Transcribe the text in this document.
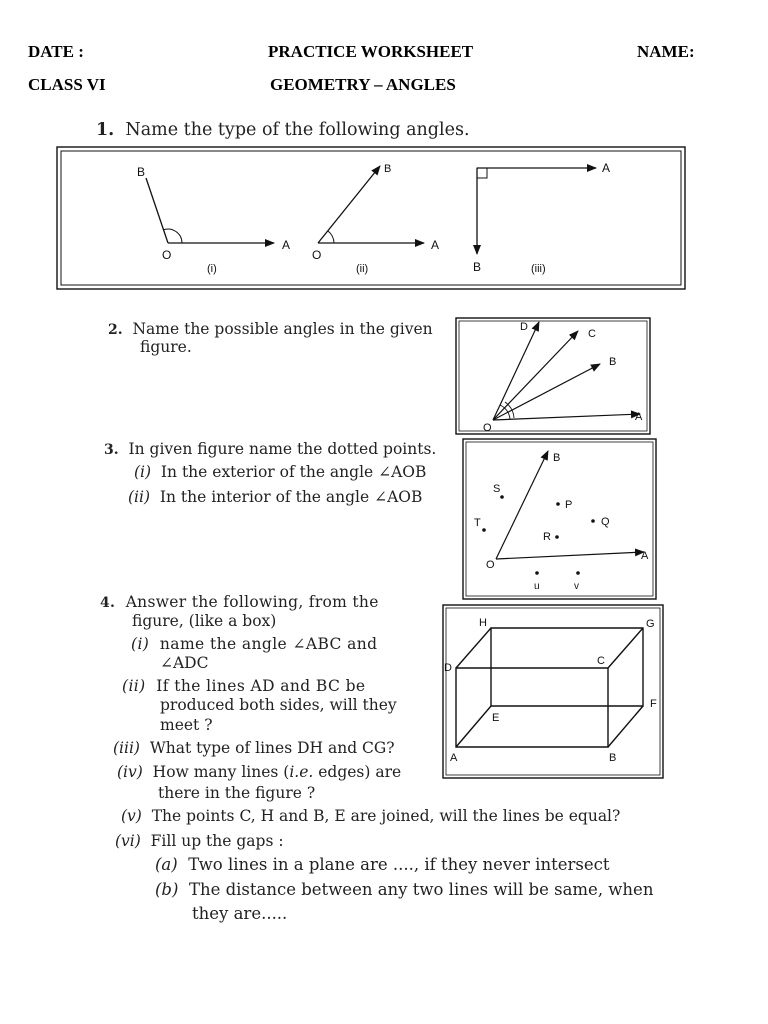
DATE :	PRACTICE WORKSHEET	NAME:
CLASS VI	GEOMETRY – ANGLES
1. Name the type of the following angles.
2. Name the possible angles in the given
figure.
3. In given figure name the dotted points.
(i) In the exterior of the angle ∠AOB
(ii) In the interior of the angle ∠AOB
4. Answer the following, from the
figure, (like a box)
(i) name the angle ∠ABC and
∠ADC
(ii) If the lines AD and BC be
produced both sides, will they
meet ?
(iii) What type of lines DH and CG?
(iv) How many lines (i.e. edges) are
there in the figure ?
(v) The points C, H and B, E are joined, will the lines be equal?
(vi) Fill up the gaps :
(a) Two lines in a plane are ...., if they never intersect
(b) The distance between any two lines will be same, when
they are.....
B
O
A
(i)
B
O
A
(ii)
A
B	(iii)
D
C
B
A
O
B
S
P
T	Q
R
O
A
u	v
H	G
D
C
F
E
A	B
